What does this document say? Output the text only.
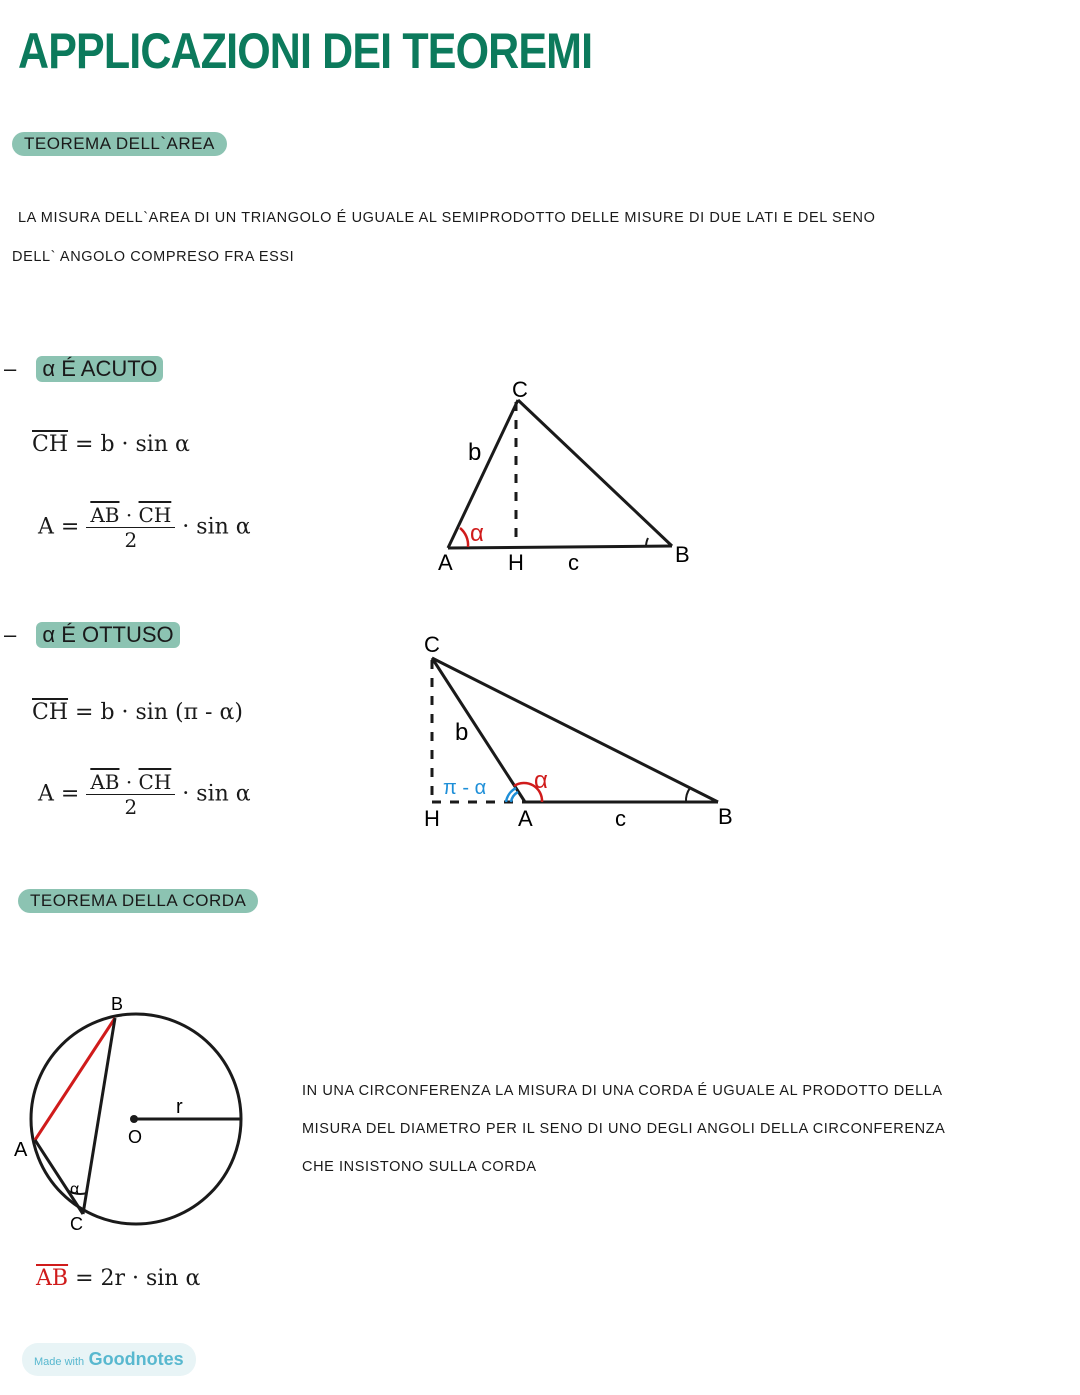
APPLICAZIONI DEI TEOREMI
TEOREMA DELL`AREA
LA MISURA DELL`AREA DI UN TRIANGOLO É UGUALE AL SEMIPRODOTTO DELLE MISURE DI DUE LATI E DEL SENO
DELL` ANGOLO COMPRESO FRA ESSI
– α É ACUTO
$\overline{CH} = b \cdot \sin \alpha$
$A = \frac{\overline{AB} \cdot \overline{CH}}{2} \cdot \sin \alpha$
C
b
α
A	H c	B
– α É OTTUSO
$\overline{CH} = b \cdot \sin (\pi - \alpha)$
$A = \frac{\overline{AB} \cdot \overline{CH}}{2} \cdot \sin \alpha$
C
b
α
π - α
H	A	c	B
TEOREMA DELLA CORDA
B
A
C
O
r
α
IN UNA CIRCONFERENZA LA MISURA DI UNA CORDA É UGUALE AL PRODOTTO DELLA
MISURA DEL DIAMETRO PER IL SENO DI UNO DEGLI ANGOLI DELLA CIRCONFERENZA
CHE INSISTONO SULLA CORDA
$\overline{AB} = 2r \cdot \sin \alpha$
Made with Goodnotes
